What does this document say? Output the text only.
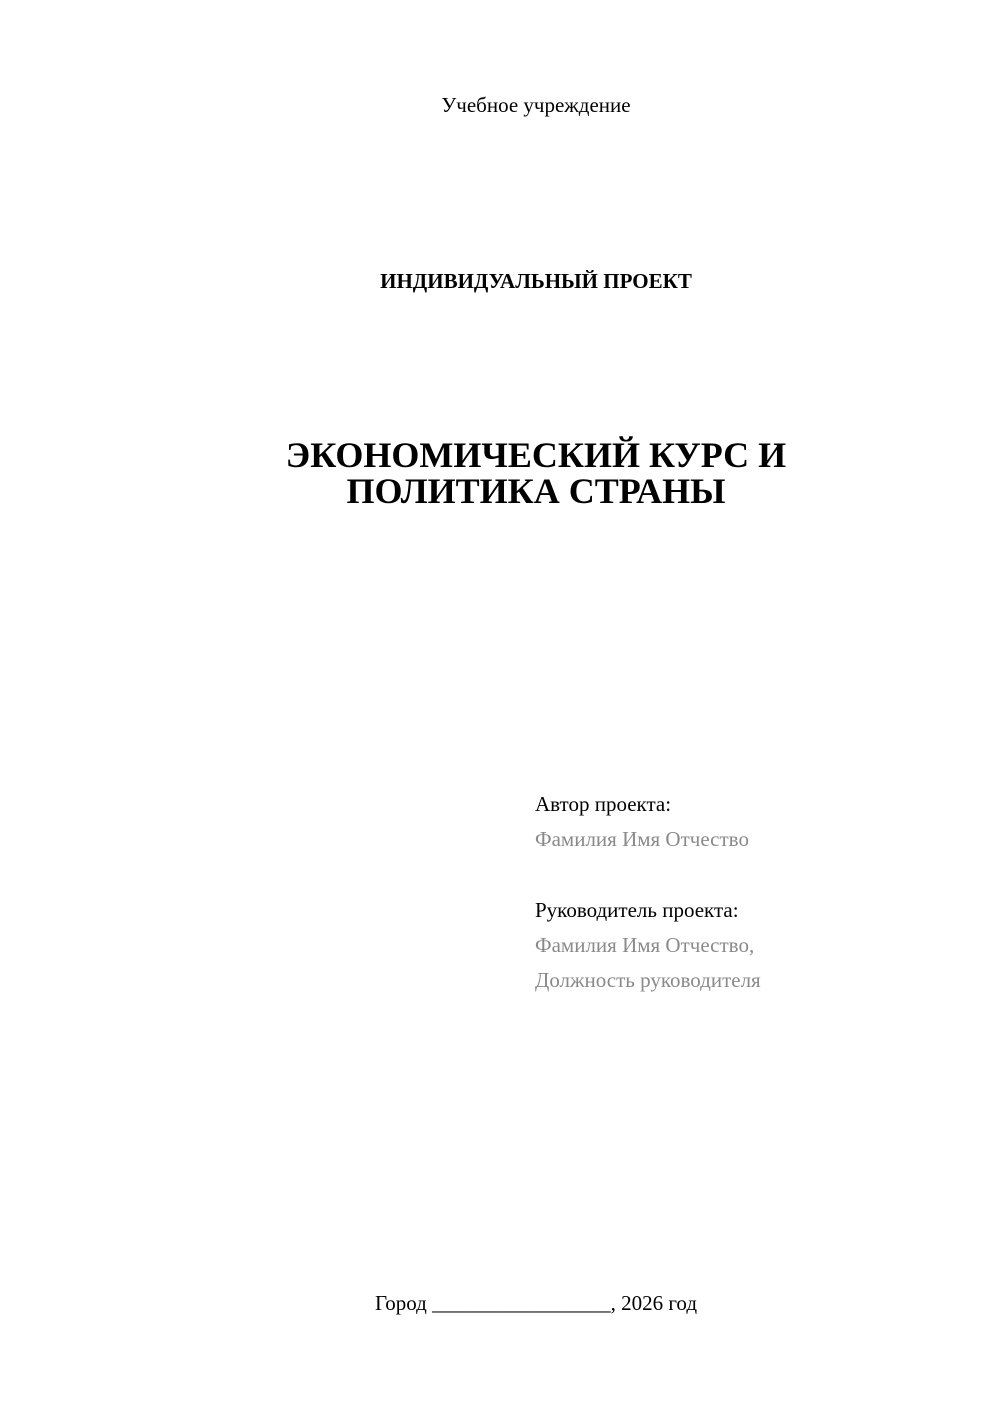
Учебное учреждение
ИНДИВИДУАЛЬНЫЙ ПРОЕКТ
ЭКОНОМИЧЕСКИЙ КУРС И
ПОЛИТИКА СТРАНЫ
Автор проекта:
Фамилия Имя Отчество
Руководитель проекта:
Фамилия Имя Отчество,
Должность руководителя
Город _________________, 2026 год
